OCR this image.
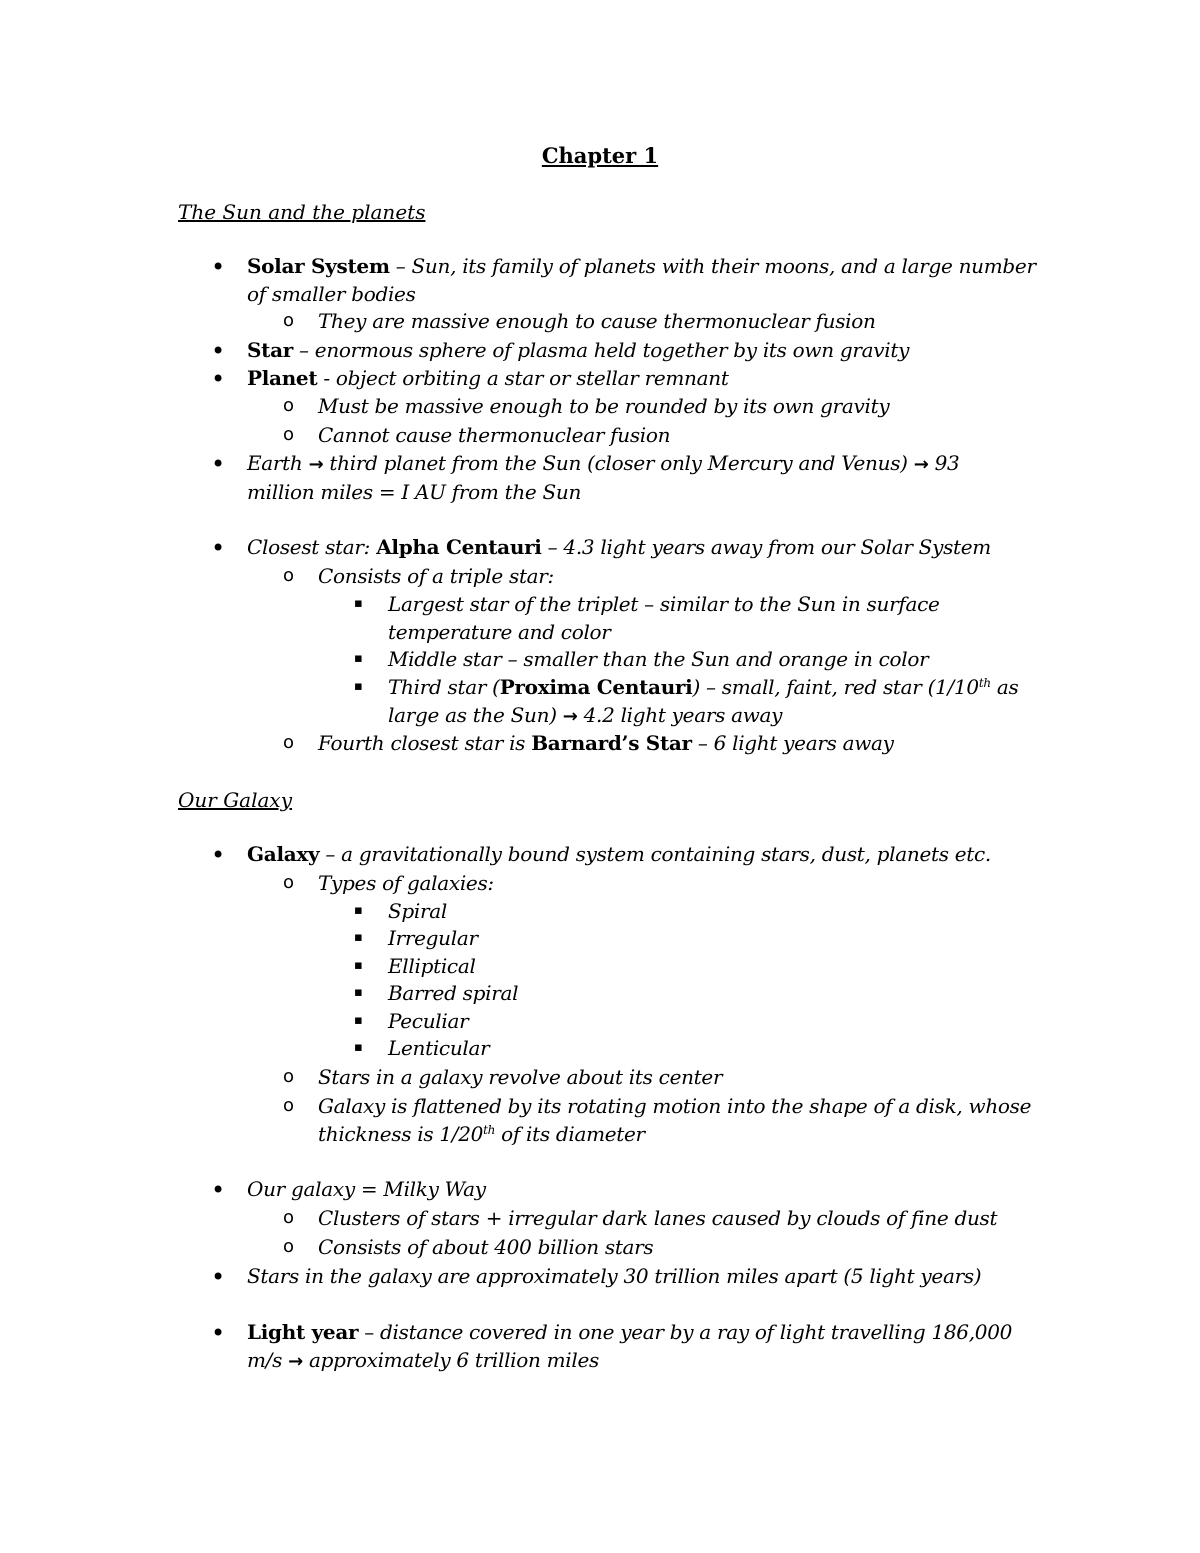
Chapter 1
The Sun and the planets
• Solar System – Sun, its family of planets with their moons, and a large number of smaller bodies
o They are massive enough to cause thermonuclear fusion
• Star – enormous sphere of plasma held together by its own gravity
• Planet - object orbiting a star or stellar remnant
o Must be massive enough to be rounded by its own gravity
o Cannot cause thermonuclear fusion
• Earth → third planet from the Sun (closer only Mercury and Venus) → 93 million miles = I AU from the Sun
• Closest star: Alpha Centauri – 4.3 light years away from our Solar System
o Consists of a triple star:
▪ Largest star of the triplet – similar to the Sun in surface temperature and color
▪ Middle star – smaller than the Sun and orange in color
▪ Third star (Proxima Centauri) – small, faint, red star (1/10th as large as the Sun) → 4.2 light years away
o Fourth closest star is Barnard’s Star – 6 light years away
Our Galaxy
• Galaxy – a gravitationally bound system containing stars, dust, planets etc.
o Types of galaxies:
▪ Spiral
▪ Irregular
▪ Elliptical
▪ Barred spiral
▪ Peculiar
▪ Lenticular
o Stars in a galaxy revolve about its center
o Galaxy is flattened by its rotating motion into the shape of a disk, whose thickness is 1/20th of its diameter
• Our galaxy = Milky Way
o Clusters of stars + irregular dark lanes caused by clouds of fine dust
o Consists of about 400 billion stars
• Stars in the galaxy are approximately 30 trillion miles apart (5 light years)
• Light year – distance covered in one year by a ray of light travelling 186,000 m/s → approximately 6 trillion miles
